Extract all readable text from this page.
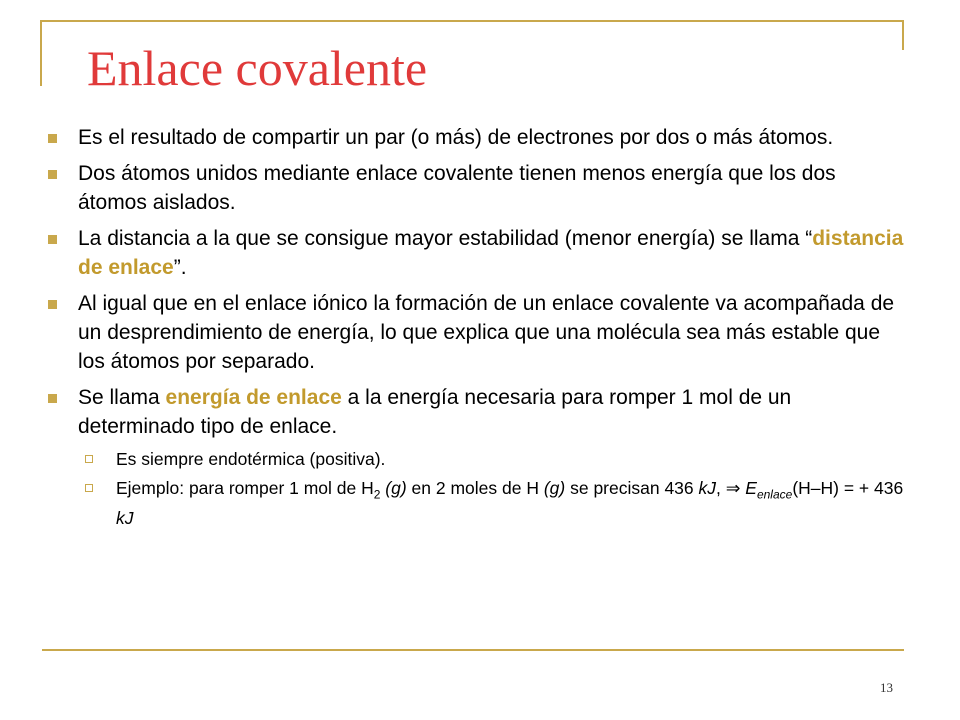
Enlace covalente
Es el resultado de compartir un par (o más) de electrones por dos o más átomos.
Dos átomos unidos mediante enlace covalente tienen menos energía que los dos átomos aislados.
La distancia a la que se consigue mayor estabilidad (menor energía) se llama “distancia de enlace”.
Al igual que en el enlace iónico la formación de un enlace covalente va acompañada de un desprendimiento de energía, lo que explica que una molécula sea más estable que los átomos por separado.
Se llama energía de enlace a la energía necesaria para romper 1 mol de un determinado tipo de enlace.
Es siempre endotérmica (positiva).
Ejemplo: para romper 1 mol de $H_2$ (g) en 2 moles de H (g) se precisan 436 kJ, ⇒ $E_{enlace}(H-H)$ = + 436 kJ
13
